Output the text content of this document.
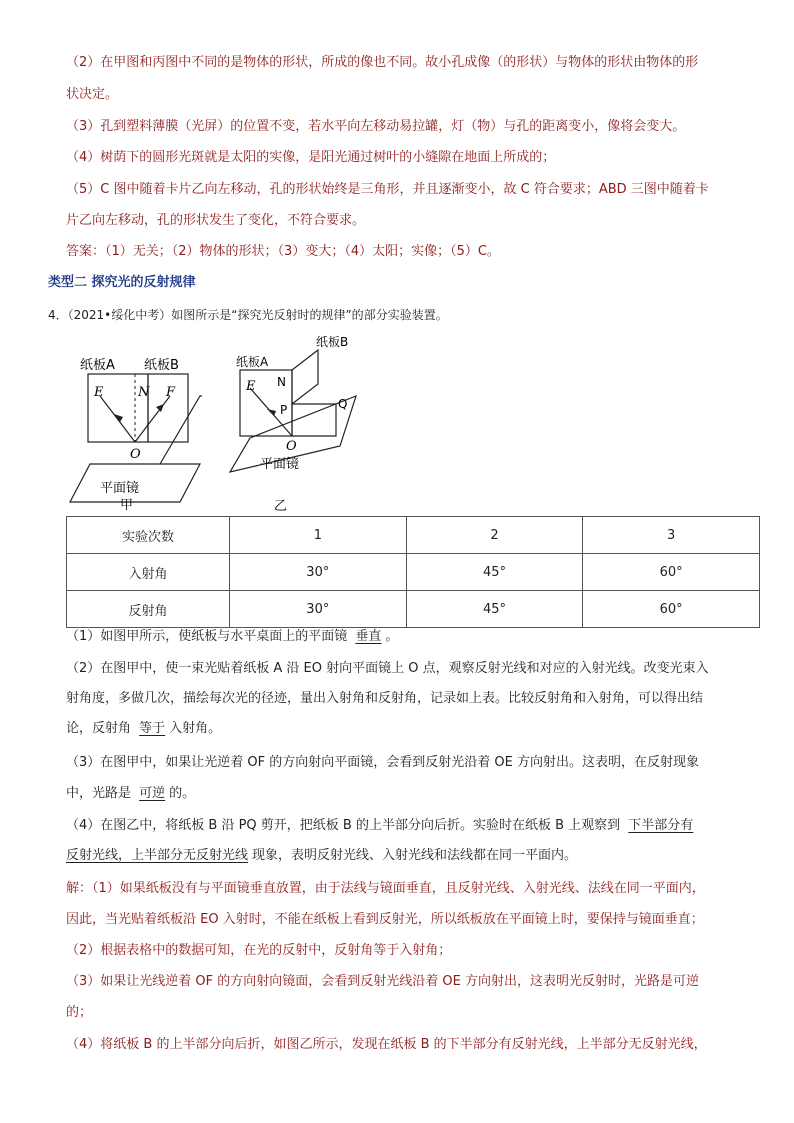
（2）在甲图和丙图中不同的是物体的形状，所成的像也不同。故小孔成像（的形状）与物体的形状由物体的形
状决定。
（3）孔到塑料薄膜（光屏）的位置不变，若水平向左移动易拉罐，灯（物）与孔的距离变小，像将会变大。
（4）树荫下的圆形光斑就是太阳的实像，是阳光通过树叶的小缝隙在地面上所成的；
（5）C 图中随着卡片乙向左移动，孔的形状始终是三角形，并且逐渐变小，故 C 符合要求；ABD 三图中随着卡
片乙向左移动，孔的形状发生了变化，不符合要求。
答案：（1）无关；（2）物体的形状；（3）变大；（4）太阳；实像；（5）C。
类型二 探究光的反射规律
4．（2021•绥化中考）如图所示是“探究光反射时的规律”的部分实验装置。
纸板A 纸板B
E	N F
O
平面镜
甲
纸板A
纸板B
E N
P	Q
O
平面镜
乙
实验次数	1	2	3
入射角	30°	45°	60°
反射角	30°	45°	60°
（1）如图甲所示，使纸板与水平桌面上的平面镜 垂直 。
（2）在图甲中，使一束光贴着纸板 A 沿 EO 射向平面镜上 O 点，观察反射光线和对应的入射光线。改变光束入
射角度，多做几次，描绘每次光的径迹，量出入射角和反射角，记录如上表。比较反射角和入射角，可以得出结
论，反射角 等于 入射角。
（3）在图甲中，如果让光逆着 OF 的方向射向平面镜，会看到反射光沿着 OE 方向射出。这表明，在反射现象
中，光路是 可逆 的。
（4）在图乙中，将纸板 B 沿 PQ 剪开，把纸板 B 的上半部分向后折。实验时在纸板 B 上观察到 下半部分有
反射光线，上半部分无反射光线 现象，表明反射光线、入射光线和法线都在同一平面内。
解：（1）如果纸板没有与平面镜垂直放置，由于法线与镜面垂直，且反射光线、入射光线、法线在同一平面内，
因此，当光贴着纸板沿 EO 入射时，不能在纸板上看到反射光，所以纸板放在平面镜上时，要保持与镜面垂直；
（2）根据表格中的数据可知，在光的反射中，反射角等于入射角；
（3）如果让光线逆着 OF 的方向射向镜面，会看到反射光线沿着 OE 方向射出，这表明光反射时，光路是可逆
的；
（4）将纸板 B 的上半部分向后折，如图乙所示，发现在纸板 B 的下半部分有反射光线，上半部分无反射光线，
